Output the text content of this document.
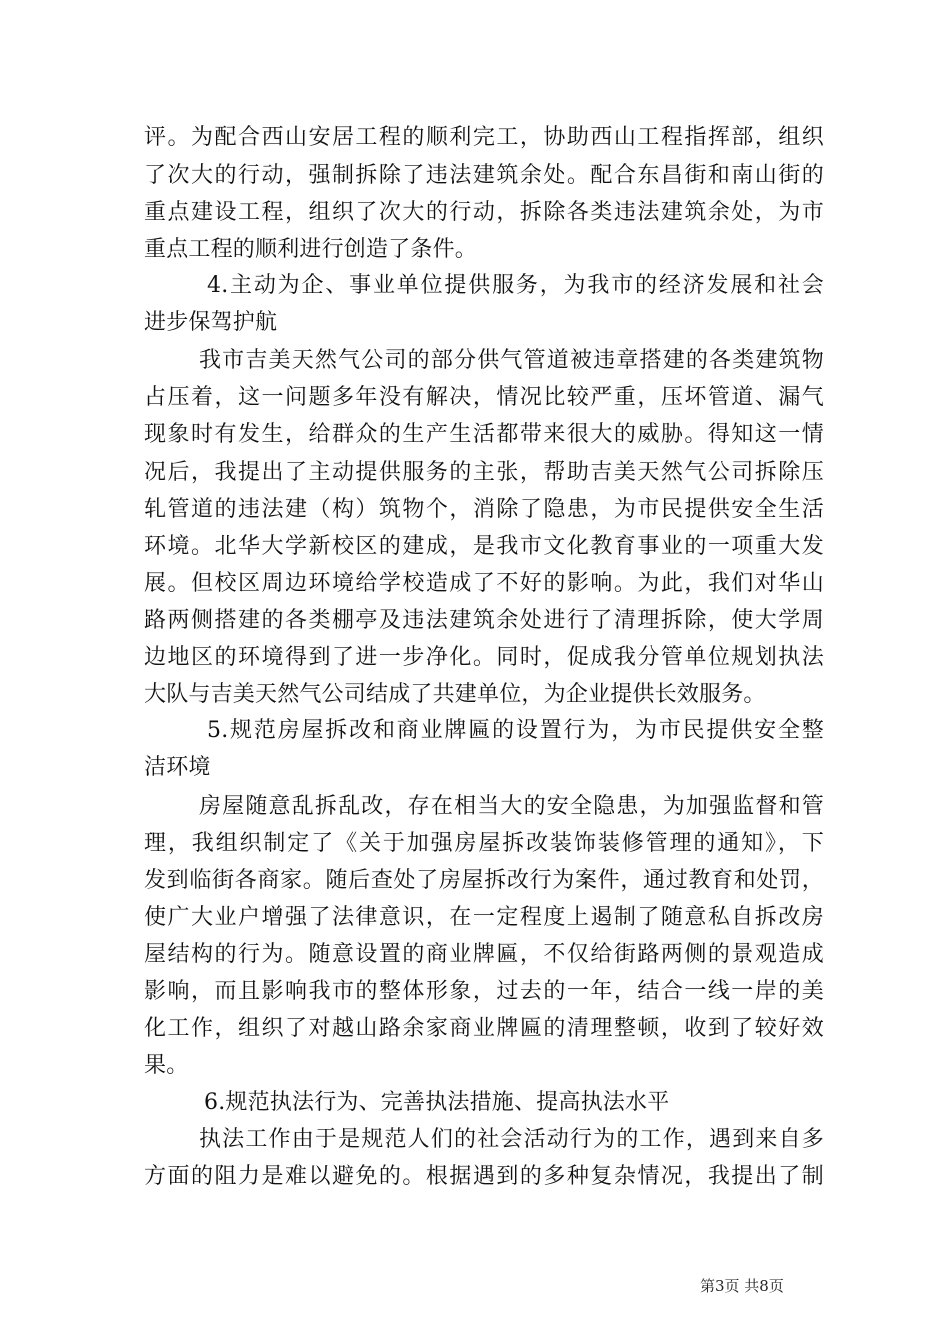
评。为配合西山安居工程的顺利完工，协助西山工程指挥部，组织
了次大的行动，强制拆除了违法建筑余处。配合东昌街和南山街的
重点建设工程，组织了次大的行动，拆除各类违法建筑余处，为市
重点工程的顺利进行创造了条件。
4.主动为企、事业单位提供服务，为我市的经济发展和社会
进步保驾护航
我市吉美天然气公司的部分供气管道被违章搭建的各类建筑物
占压着，这一问题多年没有解决，情况比较严重，压坏管道、漏气
现象时有发生，给群众的生产生活都带来很大的威胁。得知这一情
况后，我提出了主动提供服务的主张，帮助吉美天然气公司拆除压
轧管道的违法建（构）筑物个，消除了隐患，为市民提供安全生活
环境。北华大学新校区的建成，是我市文化教育事业的一项重大发
展。但校区周边环境给学校造成了不好的影响。为此，我们对华山
路两侧搭建的各类棚亭及违法建筑余处进行了清理拆除，使大学周
边地区的环境得到了进一步净化。同时，促成我分管单位规划执法
大队与吉美天然气公司结成了共建单位，为企业提供长效服务。
5.规范房屋拆改和商业牌匾的设置行为，为市民提供安全整
洁环境
房屋随意乱拆乱改，存在相当大的安全隐患，为加强监督和管
理，我组织制定了《关于加强房屋拆改装饰装修管理的通知》，下
发到临街各商家。随后查处了房屋拆改行为案件，通过教育和处罚，
使广大业户增强了法律意识，在一定程度上遏制了随意私自拆改房
屋结构的行为。随意设置的商业牌匾，不仅给街路两侧的景观造成
影响，而且影响我市的整体形象，过去的一年，结合一线一岸的美
化工作，组织了对越山路余家商业牌匾的清理整顿，收到了较好效
果。
6.规范执法行为、完善执法措施、提高执法水平
执法工作由于是规范人们的社会活动行为的工作，遇到来自多
方面的阻力是难以避免的。根据遇到的多种复杂情况，我提出了制
第3页 共8页
